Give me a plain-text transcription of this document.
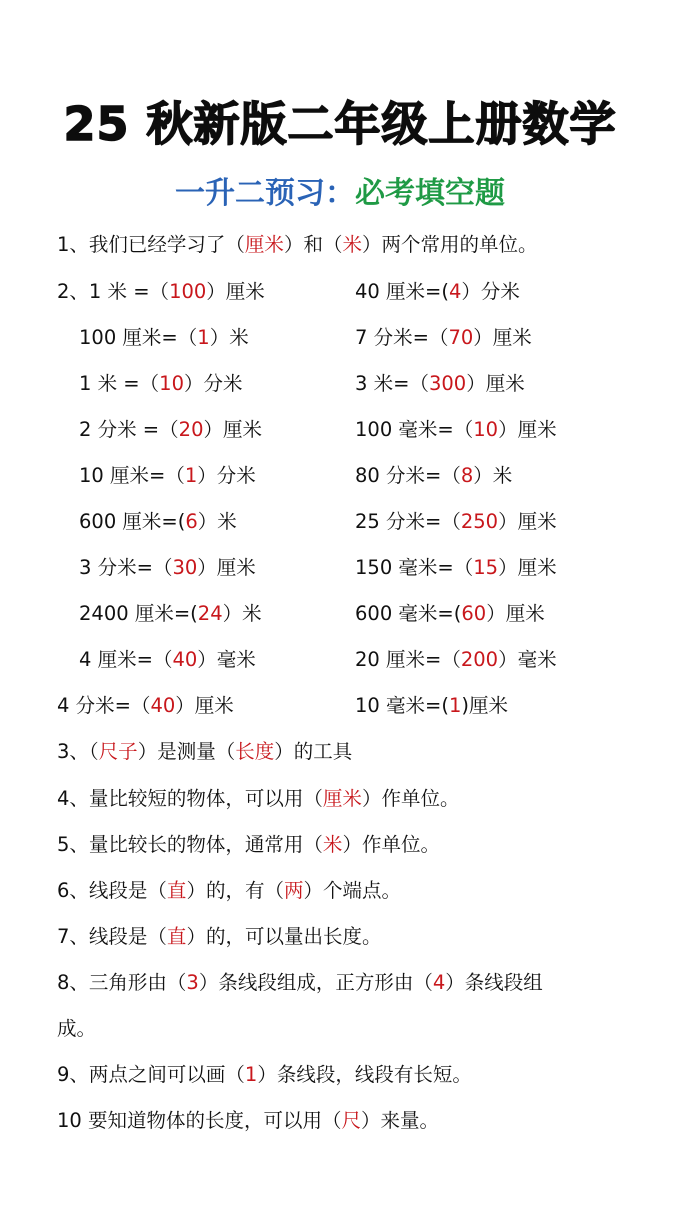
25 秋新版二年级上册数学
一升二预习：必考填空题
1、我们已经学习了（厘米）和（米）两个常用的单位。
2、1 米 =（100）厘米
100 厘米=（1）米
1 米 =（10）分米
2 分米 =（20）厘米
10 厘米=（1）分米
600 厘米=(6）米
3 分米=（30）厘米
2400 厘米=(24）米
4 厘米=（40）毫米
4 分米=（40）厘米
40 厘米=(4）分米
7 分米=（70）厘米
3 米=（300）厘米
100 毫米=（10）厘米
80 分米=（8）米
25 分米=（250）厘米
150 毫米=（15）厘米
600 毫米=(60）厘米
20 厘米=（200）毫米
10 毫米=(1)厘米
3、（尺子）是测量（长度）的工具
4、量比较短的物体，可以用（厘米）作单位。
5、量比较长的物体，通常用（米）作单位。
6、线段是（直）的，有（两）个端点。
7、线段是（直）的，可以量出长度。
8、三角形由（3）条线段组成，正方形由（4）条线段组
成。
9、两点之间可以画（1）条线段，线段有长短。
10 要知道物体的长度，可以用（尺）来量。
